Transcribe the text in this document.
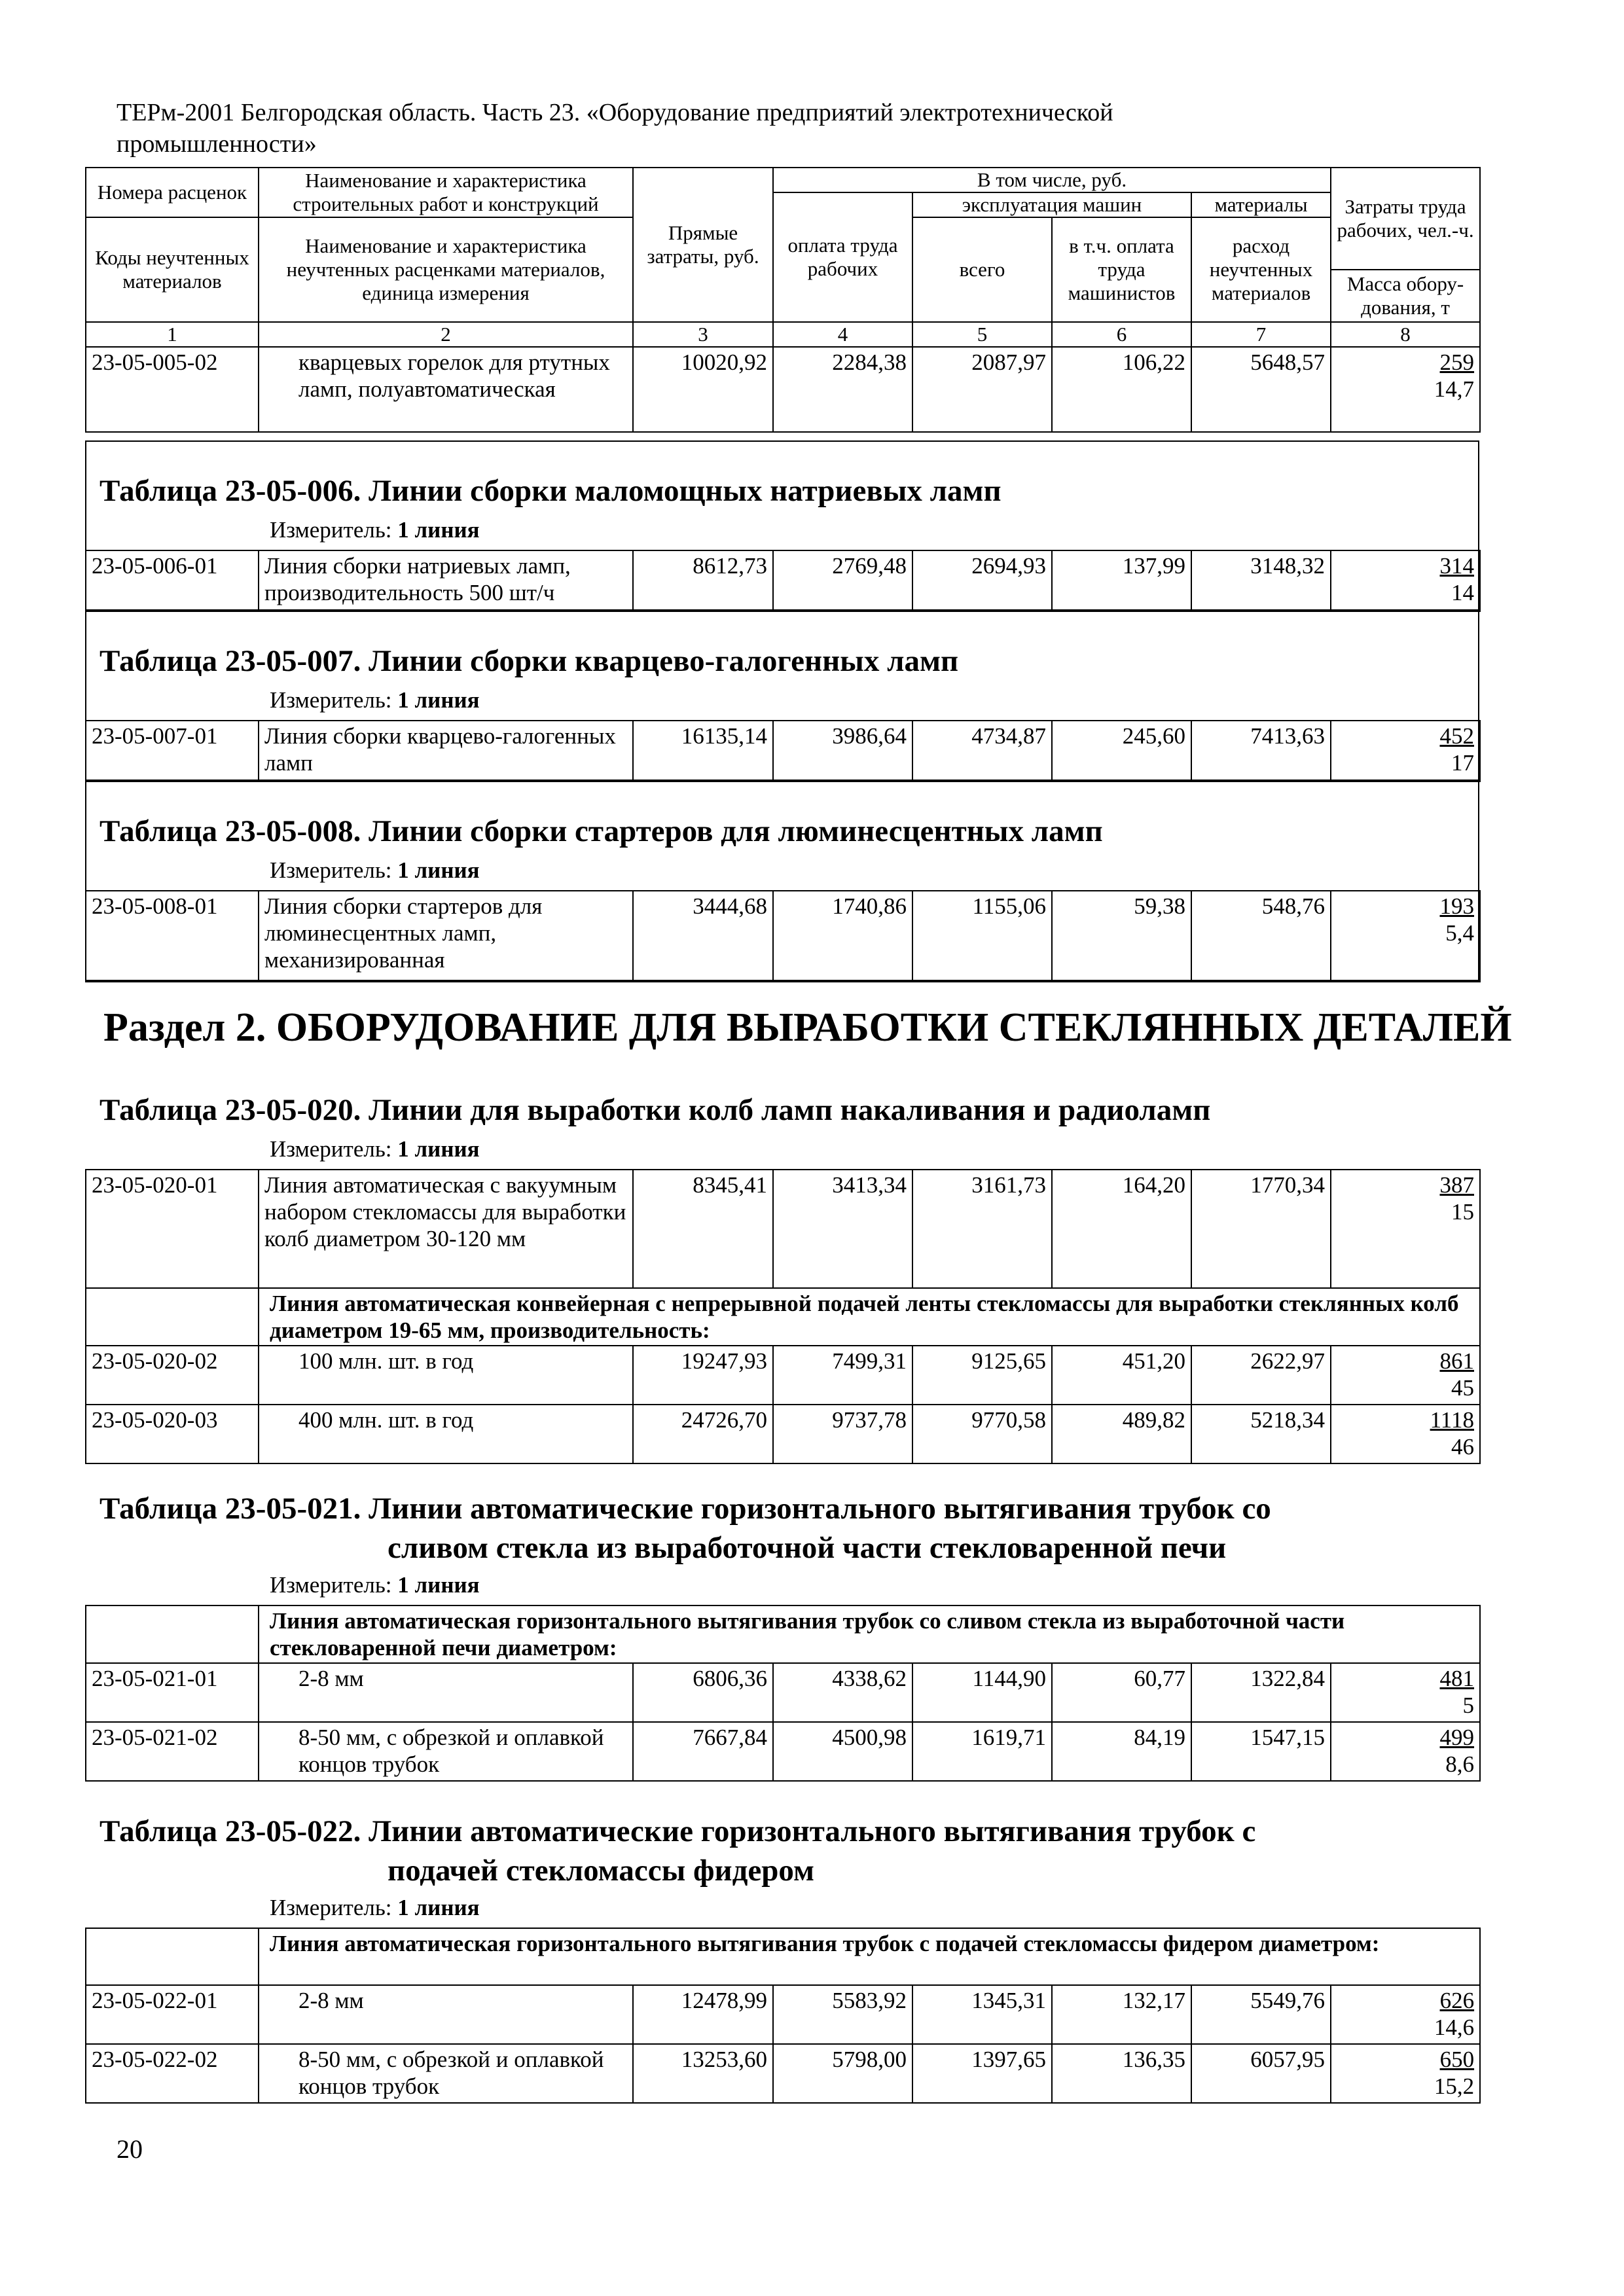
ТЕРм-2001 Белгородская область. Часть 23. «Оборудование предприятий электротехнической
промышленности»
Номера расценок	Наименование и характеристика строительных работ и конструкций	Прямые затраты, руб.	В том числе, руб.				Затраты труда рабочих, чел.-ч.
			оплата труда рабочих	эксплуатация машин		материалы	
Коды неучтенных материалов	Наименование и характеристика неучтенных расценками материалов, единица измерения			всего	в т.ч. оплата труда машинистов	расход неучтенных материалов	
							Масса обору-дования, т
1	2	3	4	5	6	7	8
23-05-005-02	кварцевых горелок для ртутных ламп, полуавтоматическая	10020,92	2284,38	2087,97	106,22	5648,57	259
14,7
Таблица 23-05-006. Линии сборки маломощных натриевых ламп
Измеритель: 1 линия
23-05-006-01	Линия сборки натриевых ламп, производительность 500 шт/ч	8612,73	2769,48	2694,93	137,99	3148,32	314
14
Таблица 23-05-007. Линии сборки кварцево-галогенных ламп
Измеритель: 1 линия
23-05-007-01	Линия сборки кварцево-галогенных ламп	16135,14	3986,64	4734,87	245,60	7413,63	452
17
Таблица 23-05-008. Линии сборки стартеров для люминесцентных ламп
Измеритель: 1 линия
23-05-008-01	Линия сборки стартеров для люминесцентных ламп, механизированная	3444,68	1740,86	1155,06	59,38	548,76	193
5,4
Раздел 2. ОБОРУДОВАНИЕ ДЛЯ ВЫРАБОТКИ СТЕКЛЯННЫХ ДЕТАЛЕЙ
Таблица 23-05-020. Линии для выработки колб ламп накаливания и радиоламп
Измеритель: 1 линия
23-05-020-01	Линия автоматическая с вакуумным набором стекломассы для выработки колб диаметром 30-120 мм	8345,41	3413,34	3161,73	164,20	1770,34	387
15
	Линия автоматическая конвейерная с непрерывной подачей ленты стекломассы для выработки стеклянных колб диаметром 19-65 мм, производительность:						
23-05-020-02	100 млн. шт. в год	19247,93	7499,31	9125,65	451,20	2622,97	861
45
23-05-020-03	400 млн. шт. в год	24726,70	9737,78	9770,58	489,82	5218,34	1118
46
Таблица 23-05-021. Линии автоматические горизонтального вытягивания трубок со
сливом стекла из выработочной части стекловаренной печи
Измеритель: 1 линия
	Линия автоматическая горизонтального вытягивания трубок со сливом стекла из выработочной части стекловаренной печи диаметром:						
23-05-021-01	2-8 мм	6806,36	4338,62	1144,90	60,77	1322,84	481
5
23-05-021-02	8-50 мм, с обрезкой и оплавкой концов трубок	7667,84	4500,98	1619,71	84,19	1547,15	499
8,6
Таблица 23-05-022. Линии автоматические горизонтального вытягивания трубок с
подачей стекломассы фидером
Измеритель: 1 линия
	Линия автоматическая горизонтального вытягивания трубок с подачей стекломассы фидером диаметром:						
23-05-022-01	2-8 мм	12478,99	5583,92	1345,31	132,17	5549,76	626
14,6
23-05-022-02	8-50 мм, с обрезкой и оплавкой концов трубок	13253,60	5798,00	1397,65	136,35	6057,95	650
15,2
20
